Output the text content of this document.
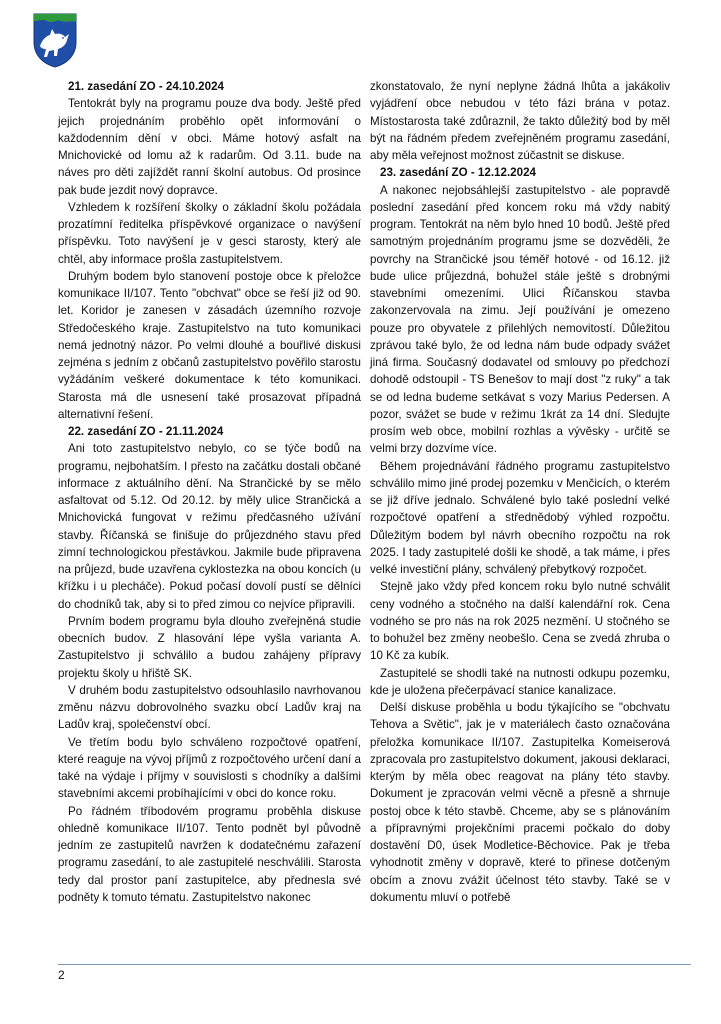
21. zasedání ZO - 24.10.2024

Tentokrát byly na programu pouze dva body. Ještě před jejich projednáním proběhlo opět informování o každodenním dění v obci. Máme hotový asfalt na Mnichovické od lomu až k radarům. Od 3.11. bude na náves pro děti zajíždět ranní školní autobus. Od prosince pak bude jezdit nový dopravce.

Vzhledem k rozšíření školky o základní školu požádala prozatímní ředitelka příspěvkové organizace o navýšení příspěvku. Toto navýšení je v gesci starosty, který ale chtěl, aby informace prošla zastupitelstvem.

Druhým bodem bylo stanovení postoje obce k přeložce komunikace II/107. Tento "obchvat" obce se řeší již od 90. let. Koridor je zanesen v zásadách územního rozvoje Středočeského kraje. Zastupitelstvo na tuto komunikaci nemá jednotný názor. Po velmi dlouhé a bouřlivé diskusi zejména s jedním z občanů zastupitelstvo pověřilo starostu vyžádáním veškeré dokumentace k této komunikaci. Starosta má dle usnesení také prosazovat případná alternativní řešení.

22. zasedání ZO - 21.11.2024

Ani toto zastupitelstvo nebylo, co se týče bodů na programu, nejbohatším. I přesto na začátku dostali občané informace z aktuálního dění. Na Strančické by se mělo asfaltovat od 5.12. Od 20.12. by měly ulice Strančická a Mnichovická fungovat v režimu předčasného užívání stavby. Říčanská se finišuje do průjezdného stavu před zimní technologickou přestávkou. Jakmile bude připravena na průjezd, bude uzavřena cyklostezka na obou koncích (u křížku i u plecháče). Pokud počasí dovolí pustí se dělníci do chodníků tak, aby si to před zimou co nejvíce připravili.

Prvním bodem programu byla dlouho zveřejněná studie obecních budov. Z hlasování lépe vyšla varianta A. Zastupitelstvo ji schválilo a budou zahájeny přípravy projektu školy u hřiště SK.

V druhém bodu zastupitelstvo odsouhlasilo navrhovanou změnu názvu dobrovolného svazku obcí Ladův kraj na Ladův kraj, společenství obcí.

Ve třetím bodu bylo schváleno rozpočtové opatření, které reaguje na vývoj příjmů z rozpočtového určení daní a také na výdaje i příjmy v souvislosti s chodníky a dalšími stavebními akcemi probíhajícími v obci do konce roku.

Po řádném tříbodovém programu proběhla diskuse ohledně komunikace II/107. Tento podnět byl původně jedním ze zastupitelů navržen k dodatečnému zařazení programu zasedání, to ale zastupitelé neschválili. Starosta tedy dal prostor paní zastupitelce, aby přednesla své podněty k tomuto tématu. Zastupitelstvo nakonec

zkonstatovalo, že nyní neplyne žádná lhůta a jakákoliv vyjádření obce nebudou v této fázi brána v potaz. Místostarosta také zdůraznil, že takto důležitý bod by měl být na řádném předem zveřejněném programu zasedání, aby měla veřejnost možnost zúčastnit se diskuse.

23. zasedání ZO - 12.12.2024

A nakonec nejobsáhlejší zastupitelstvo - ale popravdě poslední zasedání před koncem roku má vždy nabitý program. Tentokrát na něm bylo hned 10 bodů. Ještě před samotným projednáním programu jsme se dozvěděli, že povrchy na Strančické jsou téměř hotové - od 16.12. již bude ulice průjezdná, bohužel stále ještě s drobnými stavebními omezeními. Ulici Říčanskou stavba zakonzervovala na zimu. Její používání je omezeno pouze pro obyvatele z přilehlých nemovitostí. Důležitou zprávou také bylo, že od ledna nám bude odpady svážet jiná firma. Současný dodavatel od smlouvy po předchozí dohodě odstoupil - TS Benešov to mají dost "z ruky" a tak se od ledna budeme setkávat s vozy Marius Pedersen. A pozor, svážet se bude v režimu 1krát za 14 dní. Sledujte prosím web obce, mobilní rozhlas a vývěsky - určitě se velmi brzy dozvíme více.

Během projednávání řádného programu zastupitelstvo schválilo mimo jiné prodej pozemku v Menčicích, o kterém se již dříve jednalo. Schválené bylo také poslední velké rozpočtové opatření a střednědobý výhled rozpočtu. Důležitým bodem byl návrh obecního rozpočtu na rok 2025. I tady zastupitelé došli ke shodě, a tak máme, i přes velké investiční plány, schválený přebytkový rozpočet.

Stejně jako vždy před koncem roku bylo nutné schválit ceny vodného a stočného na další kalendářní rok. Cena vodného se pro nás na rok 2025 nezmění. U stočného se to bohužel bez změny neobešlo. Cena se zvedá zhruba o 10 Kč za kubík.

Zastupitelé se shodli také na nutnosti odkupu pozemku, kde je uložena přečerpávací stanice kanalizace.

Delší diskuse proběhla u bodu týkajícího se "obchvatu Tehova a Světic", jak je v materiálech často označována přeložka komunikace II/107. Zastupitelka Komeiserová zpracovala pro zastupitelstvo dokument, jakousi deklaraci, kterým by měla obec reagovat na plány této stavby. Dokument je zpracován velmi věcně a přesně a shrnuje postoj obce k této stavbě. Chceme, aby se s plánováním a přípravnými projekčními pracemi počkalo do doby dostavění D0, úsek Modletice-Běchovice. Pak je třeba vyhodnotit změny v dopravě, které to přinese dotčeným obcím a znovu zvážit účelnost této stavby. Také se v dokumentu mluví o potřebě

2
